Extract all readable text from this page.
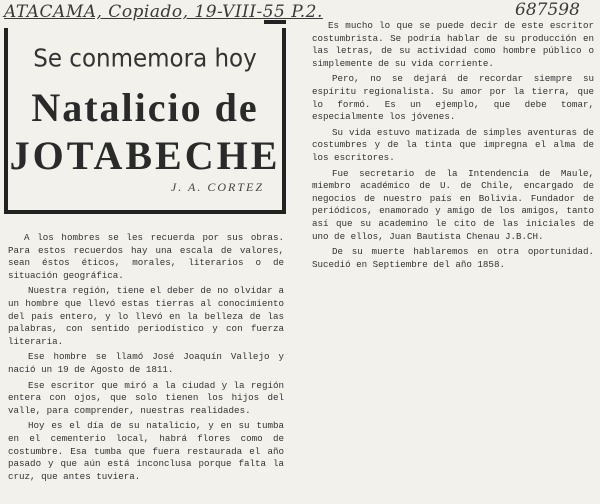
ATACAMA, Copiado, 19-VIII-55 P.2.	687598
Se conmemora hoy
Natalicio de
JOTABECHE
J. A. CORTEZ

A los hombres se les recuerda por sus obras. Para estos recuerdos hay una escala de valores, sean éstos éticos, morales, literarios o de situación geográfica.

Nuestra región, tiene el deber de no olvidar a un hombre que llevó estas tierras al conocimiento del país entero, y lo llevó en la belleza de las palabras, con sentido periodístico y con fuerza literaria.

Ese hombre se llamó José Joaquín Vallejo y nació un 19 de Agosto de 1811.

Ese escritor que miró a la ciudad y la región entera con ojos, que solo tienen los hijos del valle, para comprender, nuestras realidades.

Hoy es el día de su natalicio, y en su tumba en el cementerio local, habrá flores como de costumbre. Esa tumba que fuera restaurada el año pasado y que aún está inconclusa porque falta la cruz, que antes tuviera.

Es mucho lo que se puede decir de este escritor costumbrista. Se podría hablar de su producción en las letras, de su actividad como hombre público o simplemente de su vida corriente.

Pero, no se dejará de recordar siempre su espíritu regionalista. Su amor por la tierra, que lo formó. Es un ejemplo, que debe tomar, especialmente los jóvenes.

Su vida estuvo matizada de simples aventuras de costumbres y de la tinta que impregna el alma de los escritores.

Fue secretario de la Intendencia de Maule, miembro académico de U. de Chile, encargado de negocios de nuestro país en Bolivia. Fundador de periódicos, enamorado y amigo de los amigos, tanto así que su academino le cito de las iniciales de uno de ellos, Juan Bautista Chenau J.B.CH.

De su muerte hablaremos en otra oportunidad. Sucedió en Septiembre del año 1858.
